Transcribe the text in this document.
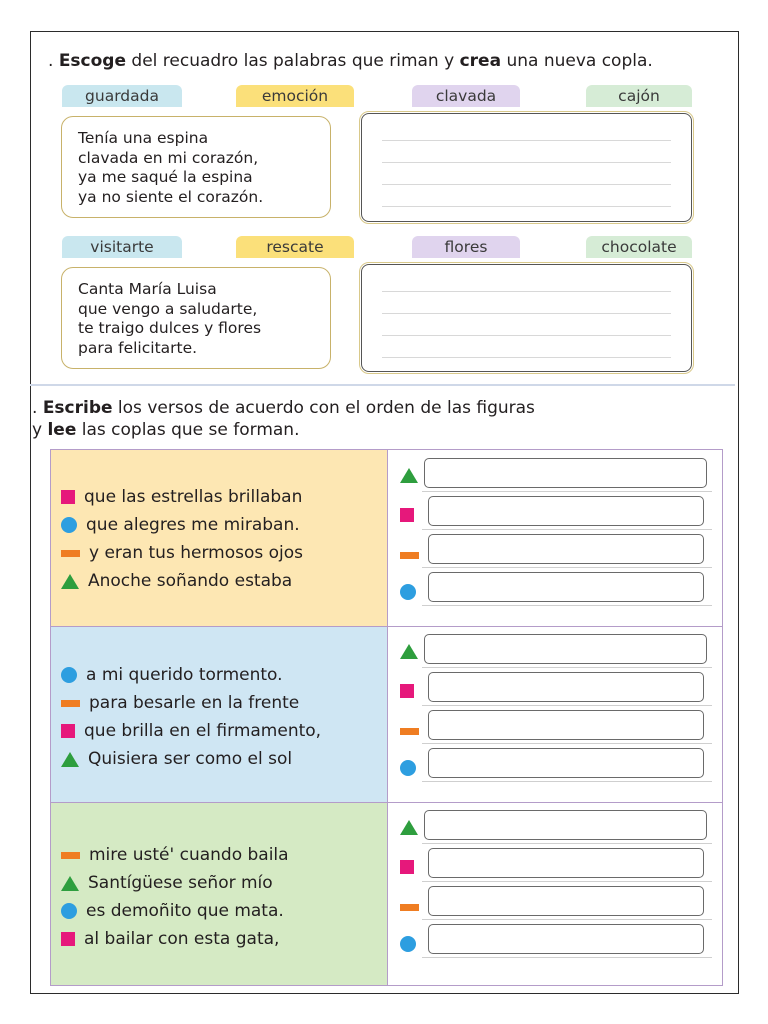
. Escoge del recuadro las palabras que riman y crea una nueva copla.
guardada	emoción	clavada	cajón
Tenía una espina
clavada en mi corazón,
ya me saqué la espina
ya no siente el corazón.
visitarte	rescate	flores	chocolate
Canta María Luisa
que vengo a saludarte,
te traigo dulces y flores
para felicitarte.
. Escribe los versos de acuerdo con el orden de las figuras
y lee las coplas que se forman.
que las estrellas brillaban
que alegres me miraban.
y eran tus hermosos ojos
Anoche soñando estaba
a mi querido tormento.
para besarle en la frente
que brilla en el firmamento,
Quisiera ser como el sol
mire usté' cuando baila
Santígüese señor mío
es demoñito que mata.
al bailar con esta gata,
